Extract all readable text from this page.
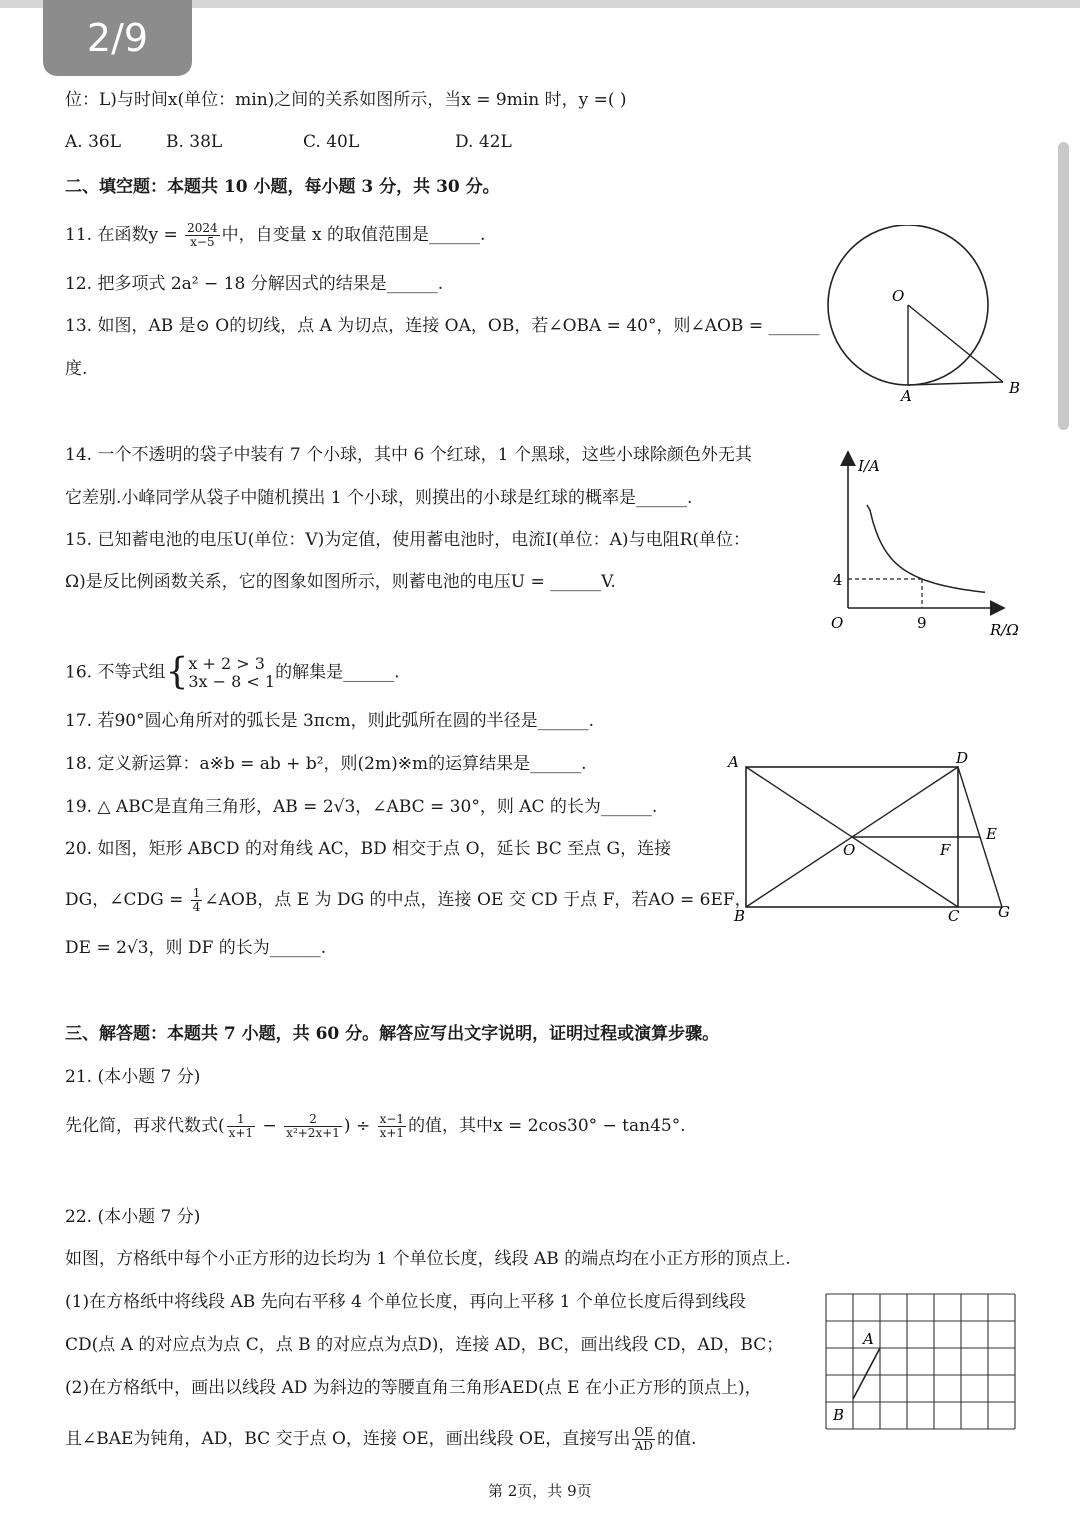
2/9
位：L)与时间x(单位：min)之间的关系如图所示，当x = 9min 时，y =( )
A. 36L	B. 38L	C. 40L	D. 42L
二、填空题：本题共 10 小题，每小题 3 分，共 30 分。
11. 在函数$y = \frac{2024}{x-5}$ 中，自变量 x 的取值范围是______.
12. 把多项式 2a² − 18 分解因式的结果是______.
13. 如图，AB 是⊙ O的切线，点 A 为切点，连接 OA，OB，若∠OBA = 40°，则∠AOB = ______
度.
O
A	B
14. 一个不透明的袋子中装有 7 个小球，其中 6 个红球，1 个黑球，这些小球除颜色外无其
它差别.小峰同学从袋子中随机摸出 1 个小球，则摸出的小球是红球的概率是______.
15. 已知蓄电池的电压U(单位：V)为定值，使用蓄电池时，电流I(单位：A)与电阻R(单位：
Ω)是反比例函数关系，它的图象如图所示，则蓄电池的电压U = ______V.
I/A
R/Ω
O
4
9
16. 不等式组{ x + 2 > 3
3x − 8 < 1 的解集是______.
17. 若90°圆心角所对的弧长是 3πcm，则此弧所在圆的半径是______.
18. 定义新运算：a※b = ab + b²，则(2m)※m的运算结果是______.
19. △ ABC是直角三角形，AB = 2√3，∠ABC = 30°，则 AC 的长为______.
20. 如图，矩形 ABCD 的对角线 AC，BD 相交于点 O，延长 BC 至点 G，连接
DG，∠CDG = $\frac{1}{4}$ ∠AOB，点 E 为 DG 的中点，连接 OE 交 CD 于点 F，若AO = 6EF，
DE = 2√3，则 DF 的长为______.
A
B	C
D
E
F
G
O
三、解答题：本题共 7 小题，共 60 分。解答应写出文字说明，证明过程或演算步骤。
21. (本小题 7 分)
先化简，再求代数式( $\frac{1}{x+1} - \frac{2}{\text{x²+2x+1}}$ ) ÷ $\frac{x-1}{x+1}$ 的值，其中x = 2cos30° − tan45°.
22. (本小题 7 分)
如图，方格纸中每个小正方形的边长均为 1 个单位长度，线段 AB 的端点均在小正方形的顶点上.
(1)在方格纸中将线段 AB 先向右平移 4 个单位长度，再向上平移 1 个单位长度后得到线段
CD(点 A 的对应点为点 C，点 B 的对应点为点D)，连接 AD，BC，画出线段 CD，AD，BC；
(2)在方格纸中，画出以线段 AD 为斜边的等腰直角三角形AED(点 E 在小正方形的顶点上)，
且∠BAE为钝角，AD，BC 交于点 O，连接 OE，画出线段 OE，直接写出 $\frac{OE}{AD}$ 的值.
A
B
第 2页，共 9页
